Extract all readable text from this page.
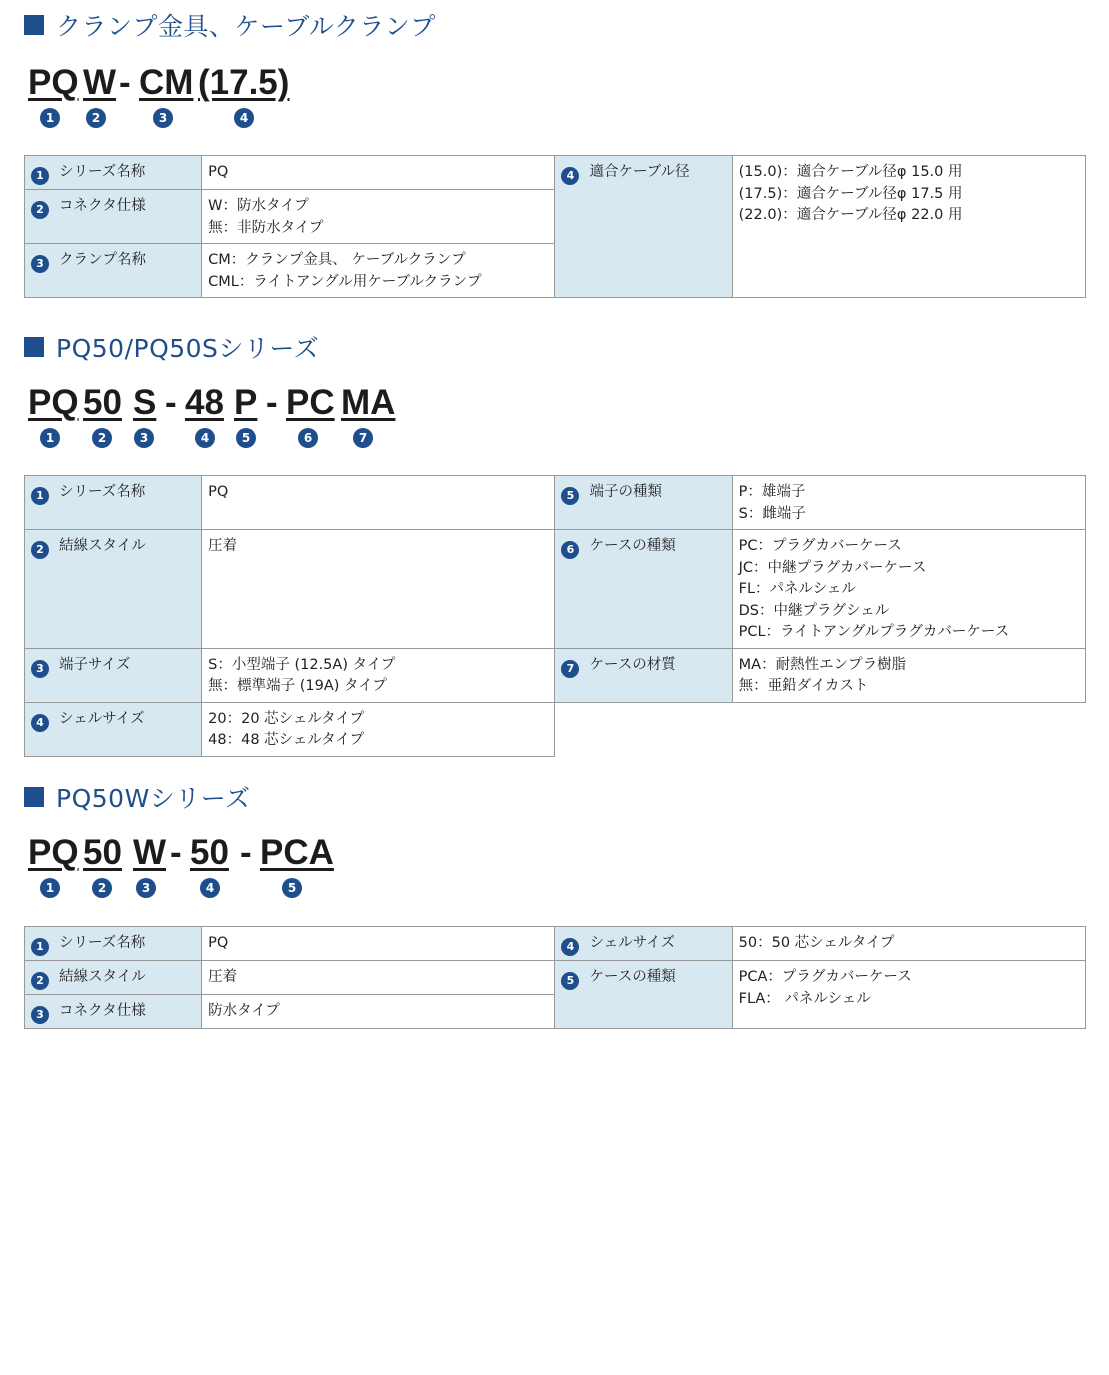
クランプ金具、ケーブルクランプ
PQ W - CM (17.5)
1	2	3	4
1 シリーズ名称	PQ	4 適合ケーブル径	(15.0)：適合ケーブル径φ 15.0 用
(17.5)：適合ケーブル径φ 17.5 用
(22.0)：適合ケーブル径φ 22.0 用
2 コネクタ仕様	W：防水タイプ
無：非防水タイプ		
3 クランプ名称	CM：クランプ金具、 ケーブルクランプ
CML：ライトアングル用ケーブルクランプ		
PQ50/PQ50Sシリーズ
PQ 50 S - 48 P - PC MA
1	2	3	4	5	6	7
1 シリーズ名称	PQ	5 端子の種類	P：雄端子
S：雌端子
2 結線スタイル	圧着	6 ケースの種類	PC：プラグカバーケース
JC：中継プラグカバーケース
FL：パネルシェル
DS：中継プラグシェル
PCL：ライトアングルプラグカバーケース
3 端子サイズ	S：小型端子 (12.5A) タイプ
無：標準端子 (19A) タイプ	7 ケースの材質	MA：耐熱性エンプラ樹脂
無：亜鉛ダイカスト
4 シェルサイズ	20：20 芯シェルタイプ
48：48 芯シェルタイプ		
PQ50Wシリーズ
PQ 50 W - 50 - PCA
1	2	3	4	5
1 シリーズ名称	PQ	4 シェルサイズ	50：50 芯シェルタイプ
2 結線スタイル	圧着	5 ケースの種類	PCA：プラグカバーケース
FLA： パネルシェル
3 コネクタ仕様	防水タイプ		
